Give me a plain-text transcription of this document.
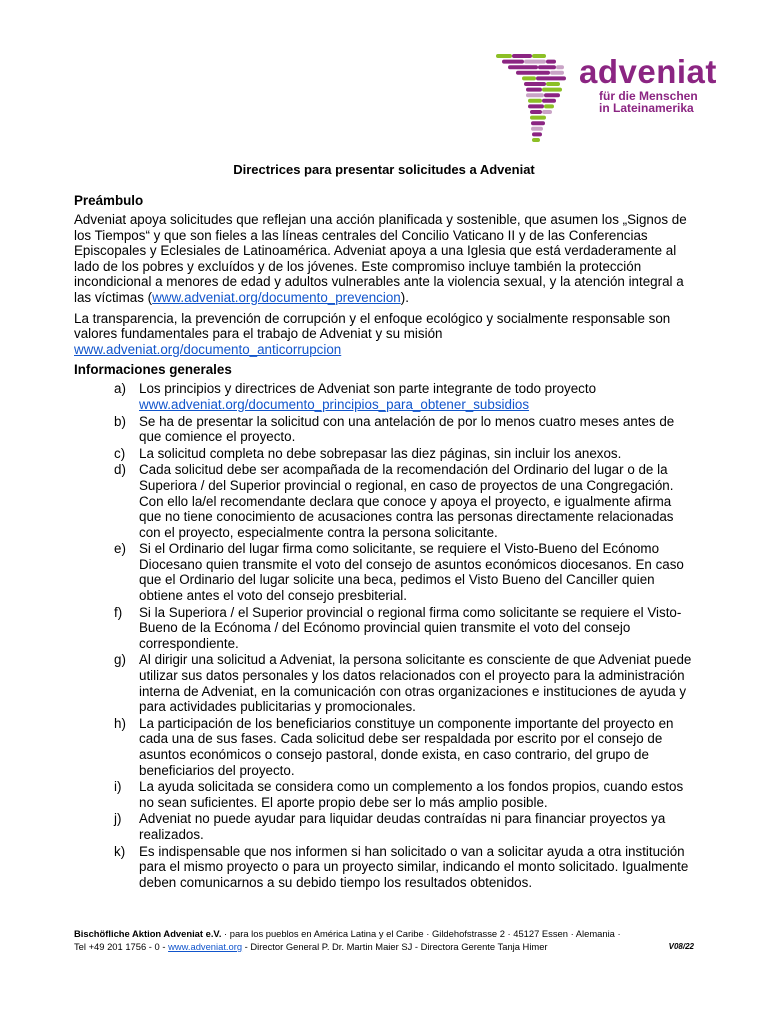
adveniat
für die Menschen
in Lateinamerika
Directrices para presentar solicitudes a Adveniat
Preámbulo

Adveniat apoya solicitudes que reflejan una acción planificada y sostenible, que asumen los „Signos de los Tiempos“ y que son fieles a las líneas centrales del Concilio Vaticano II y de las Conferencias Episcopales y Eclesiales de Latinoamérica. Adveniat apoya a una Iglesia que está verdaderamente al lado de los pobres y excluídos y de los jóvenes. Este compromiso incluye también la protección incondicional a menores de edad y adultos vulnerables ante la violencia sexual, y la atención integral a las víctimas (www.adveniat.org/documento_prevencion).

La transparencia, la prevención de corrupción y el enfoque ecológico y socialmente responsable son valores fundamentales para el trabajo de Adveniat y su misión
www.adveniat.org/documento_anticorrupcion

Informaciones generales
a) Los principios y directrices de Adveniat son parte integrante de todo proyecto
www.adveniat.org/documento_principios_para_obtener_subsidios
b) Se ha de presentar la solicitud con una antelación de por lo menos cuatro meses antes de que comience el proyecto.
c) La solicitud completa no debe sobrepasar las diez páginas, sin incluir los anexos.
d) Cada solicitud debe ser acompañada de la recomendación del Ordinario del lugar o de la Superiora / del Superior provincial o regional, en caso de proyectos de una Congregación. Con ello la/el recomendante declara que conoce y apoya el proyecto, e igualmente afirma que no tiene conocimiento de acusaciones contra las personas directamente relacionadas con el proyecto, especialmente contra la persona solicitante.
e) Si el Ordinario del lugar firma como solicitante, se requiere el Visto-Bueno del Ecónomo Diocesano quien transmite el voto del consejo de asuntos económicos diocesanos. En caso que el Ordinario del lugar solicite una beca, pedimos el Visto Bueno del Canciller quien obtiene antes el voto del consejo presbiterial.
f) Si la Superiora / el Superior provincial o regional firma como solicitante se requiere el Visto-Bueno de la Ecónoma / del Ecónomo provincial quien transmite el voto del consejo correspondiente.
g) Al dirigir una solicitud a Adveniat, la persona solicitante es consciente de que Adveniat puede utilizar sus datos personales y los datos relacionados con el proyecto para la administración interna de Adveniat, en la comunicación con otras organizaciones e instituciones de ayuda y para actividades publicitarias y promocionales.
h) La participación de los beneficiarios constituye un componente importante del proyecto en cada una de sus fases. Cada solicitud debe ser respaldada por escrito por el consejo de asuntos económicos o consejo pastoral, donde exista, en caso contrario, del grupo de beneficiarios del proyecto.
i) La ayuda solicitada se considera como un complemento a los fondos propios, cuando estos no sean suficientes. El aporte propio debe ser lo más amplio posible.
j) Adveniat no puede ayudar para liquidar deudas contraídas ni para financiar proyectos ya realizados.
k) Es indispensable que nos informen si han solicitado o van a solicitar ayuda a otra institución para el mismo proyecto o para un proyecto similar, indicando el monto solicitado. Igualmente deben comunicarnos a su debido tiempo los resultados obtenidos.
Bischöfliche Aktion Adveniat e.V. · para los pueblos en América Latina y el Caribe · Gildehofstrasse 2 · 45127 Essen · Alemania ·
Tel +49 201 1756 - 0 - www.adveniat.org - Director General P. Dr. Martin Maier SJ - Directora Gerente Tanja Himer	V08/22
